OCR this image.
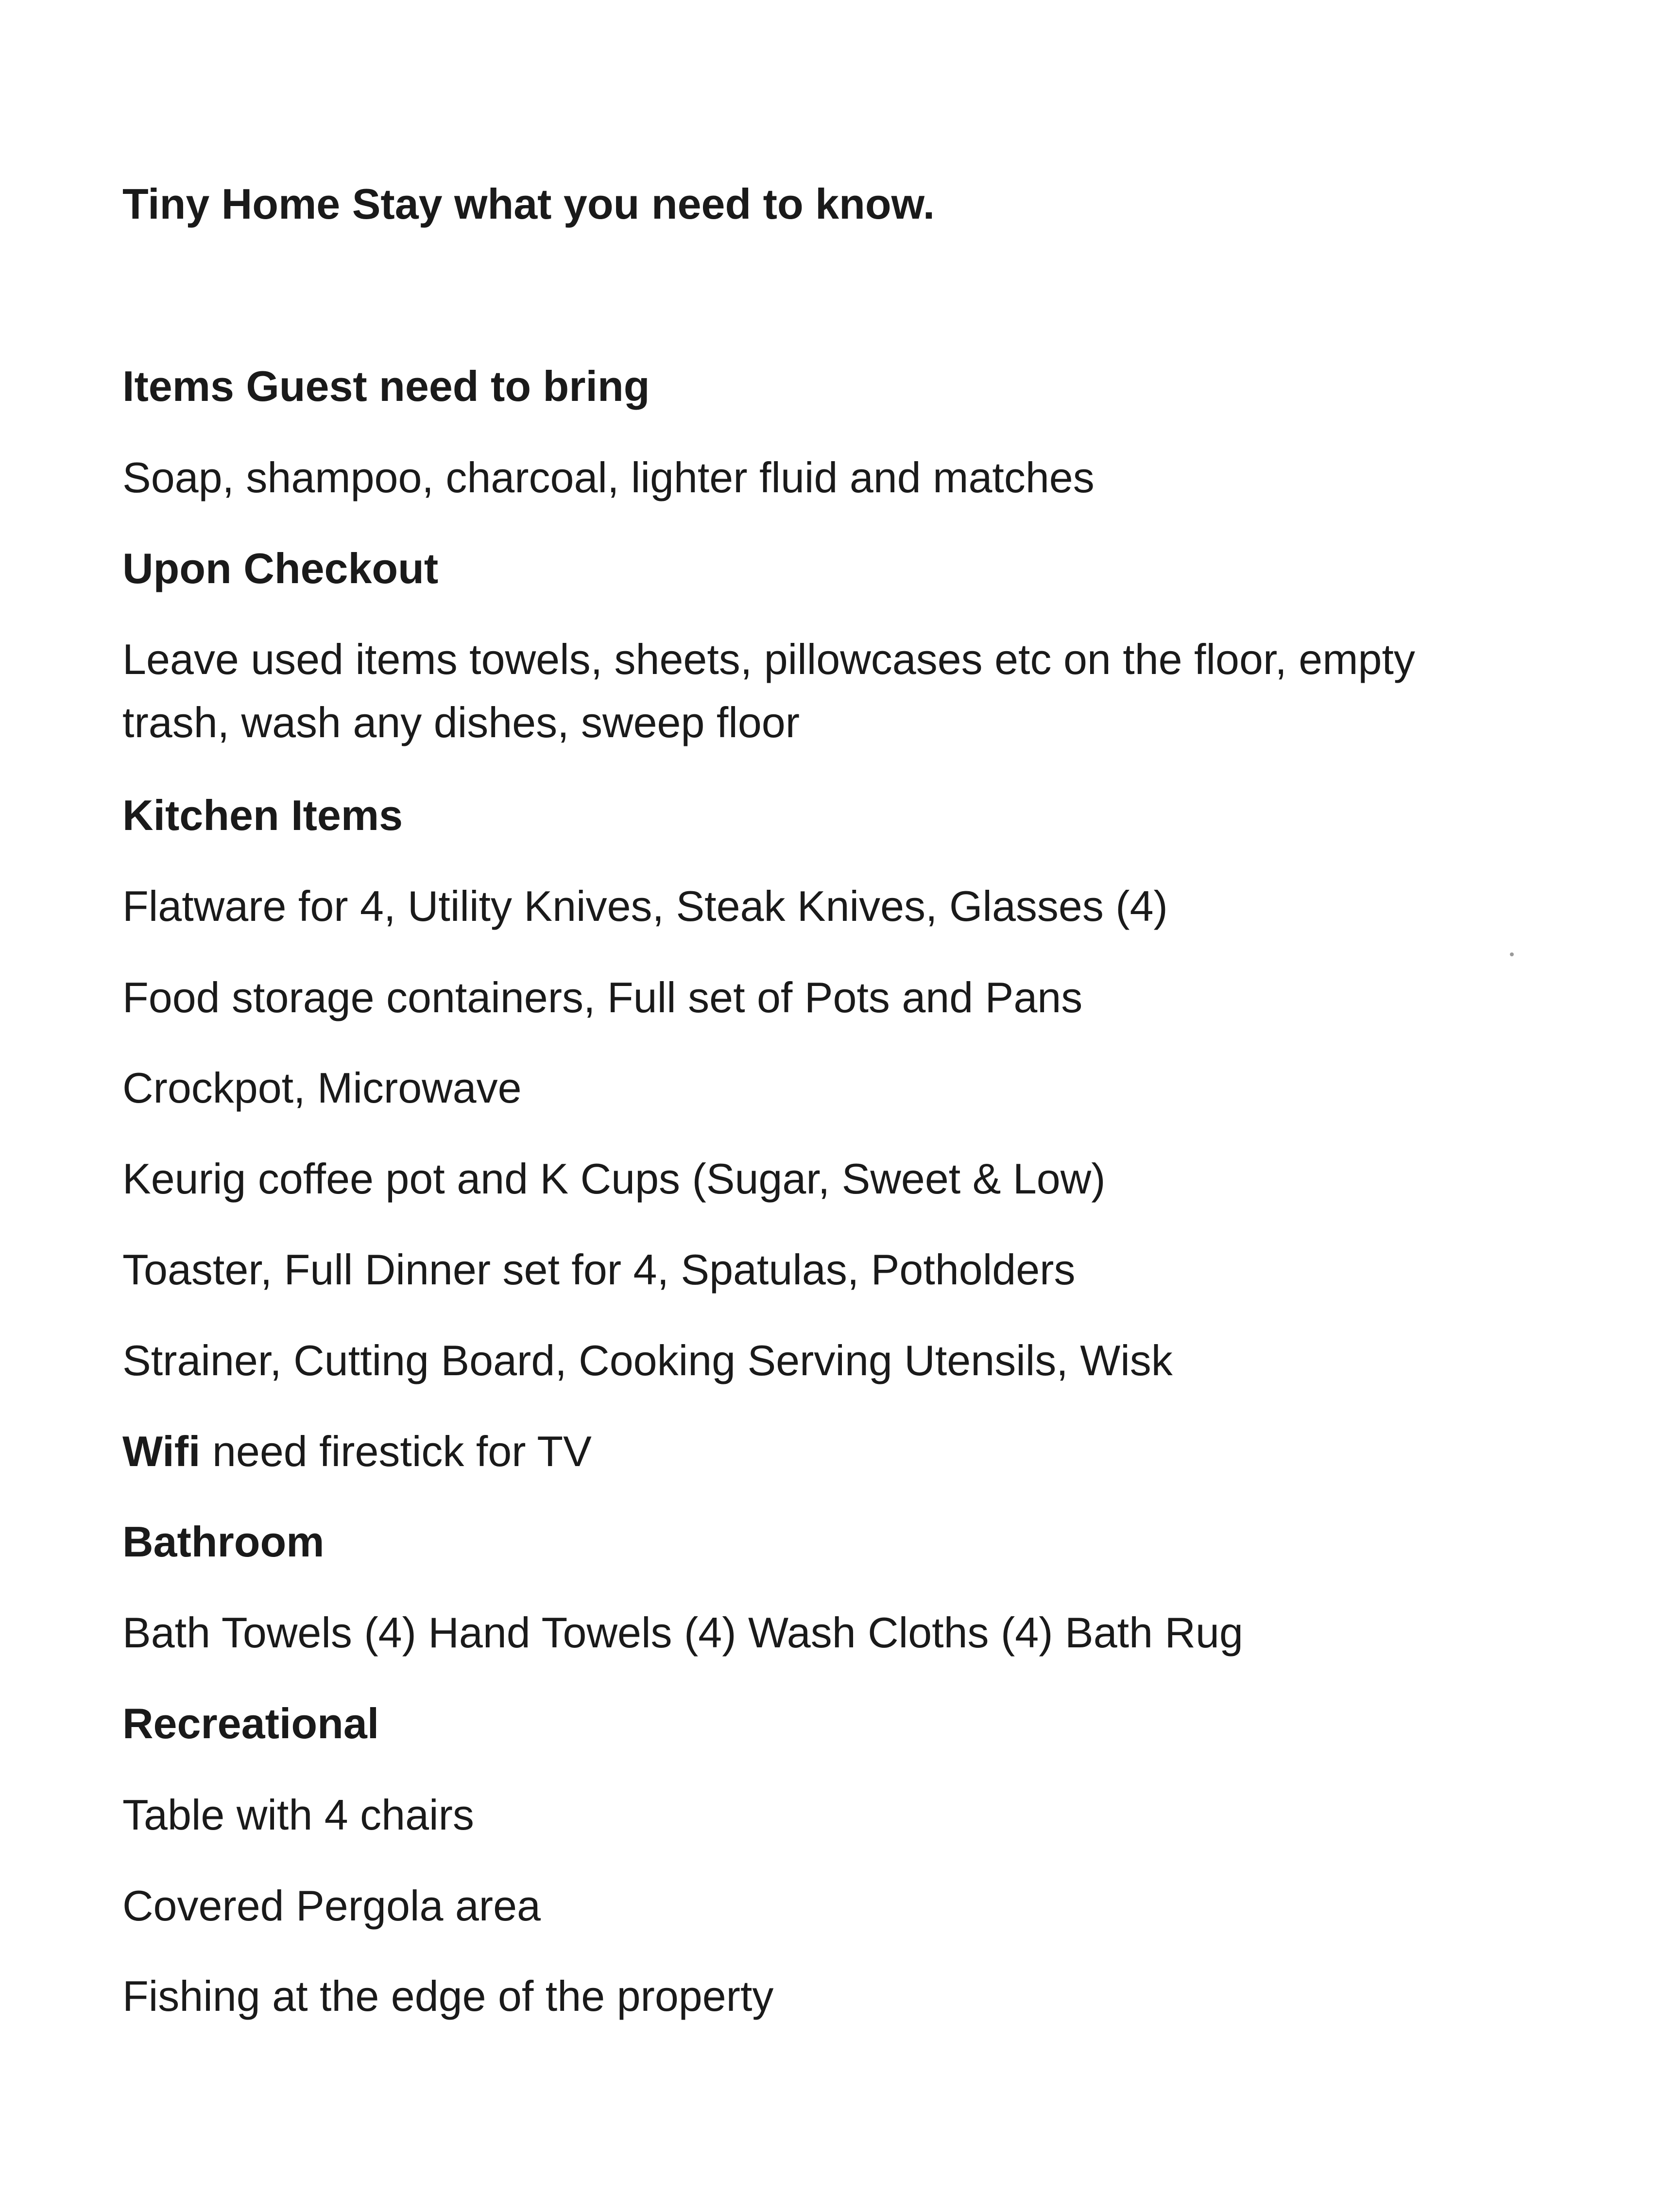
Tiny Home Stay what you need to know.
Items Guest need to bring
Soap, shampoo, charcoal, lighter fluid and matches
Upon Checkout
Leave used items towels, sheets, pillowcases etc on the floor, empty trash, wash any dishes, sweep floor
Kitchen Items
Flatware for 4, Utility Knives, Steak Knives, Glasses (4)
Food storage containers, Full set of Pots and Pans
Crockpot, Microwave
Keurig coffee pot and K Cups (Sugar, Sweet & Low)
Toaster, Full Dinner set for 4, Spatulas, Potholders
Strainer, Cutting Board, Cooking Serving Utensils, Wisk
Wifi need firestick for TV
Bathroom
Bath Towels (4) Hand Towels (4) Wash Cloths (4) Bath Rug
Recreational
Table with 4 chairs
Covered Pergola area
Fishing at the edge of the property
